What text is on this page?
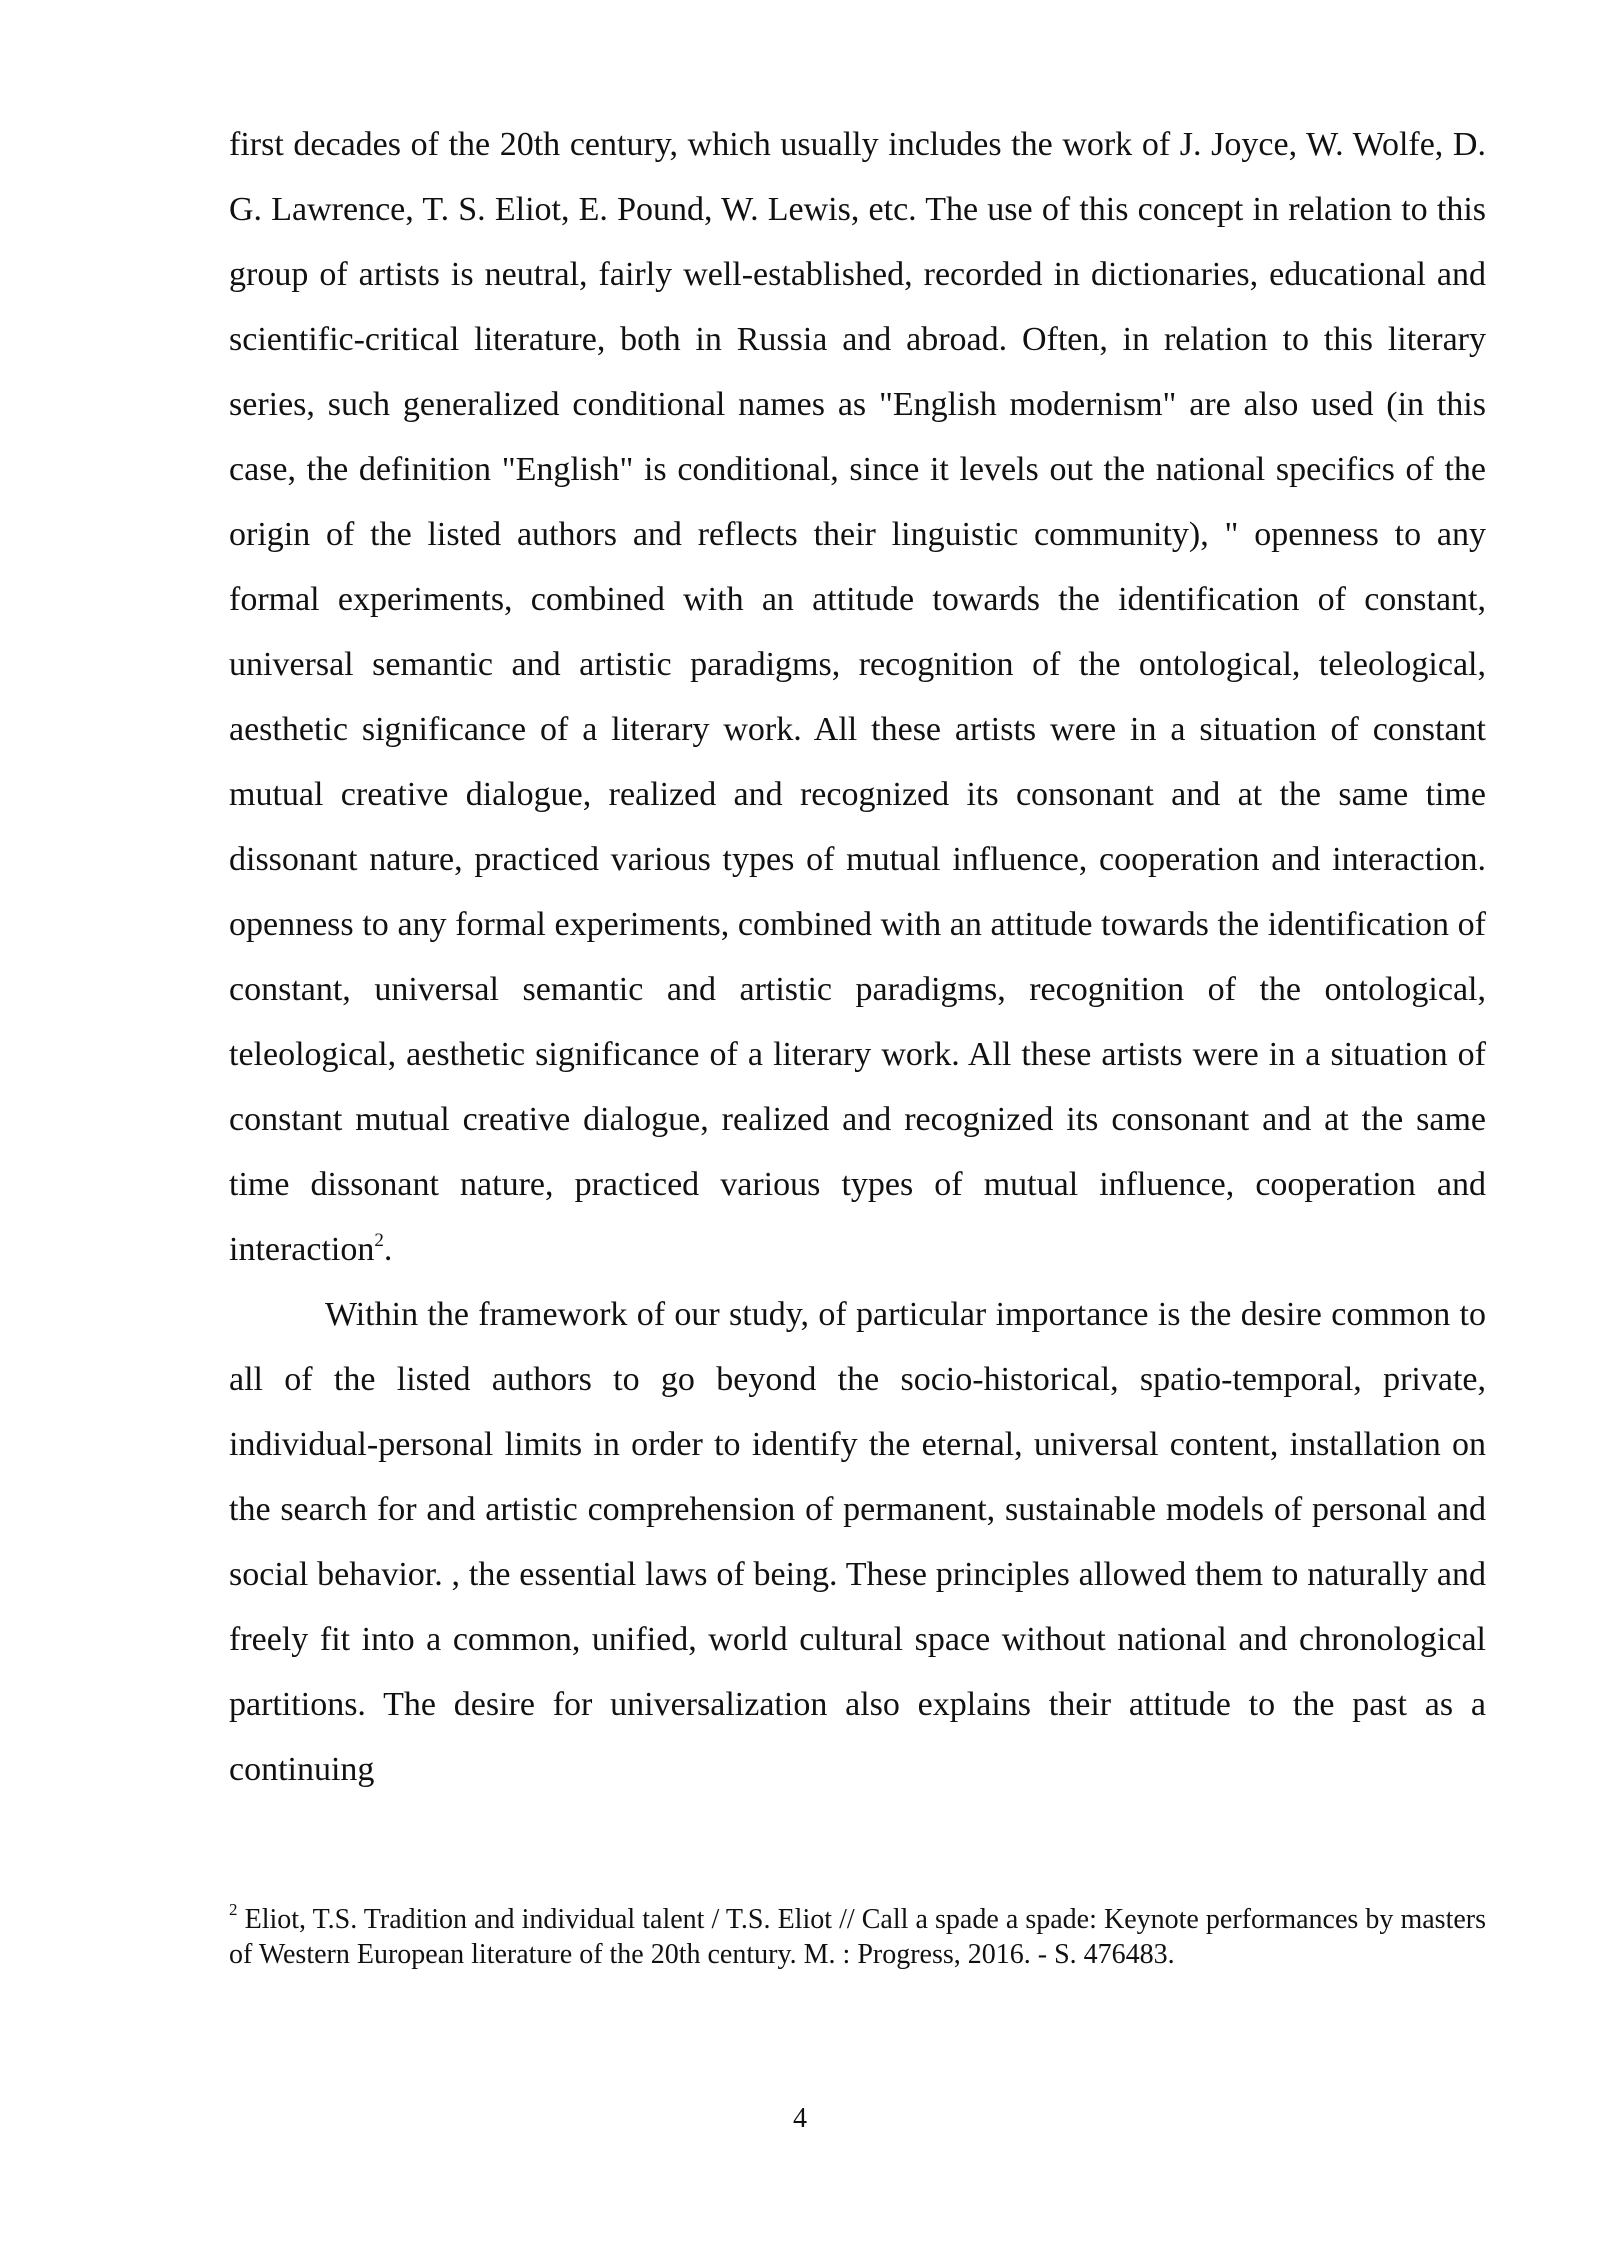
first decades of the 20th century, which usually includes the work of J. Joyce, W. Wolfe, D. G. Lawrence, T. S. Eliot, E. Pound, W. Lewis, etc. The use of this concept in relation to this group of artists is neutral, fairly well-established, recorded in dictionaries, educational and scientific-critical literature, both in Russia and abroad. Often, in relation to this literary series, such generalized conditional names as "English modernism" are also used (in this case, the definition "English" is conditional, since it levels out the national specifics of the origin of the listed authors and reflects their linguistic community), " openness to any formal experiments, combined with an attitude towards the identification of constant, universal semantic and artistic paradigms, recognition of the ontological, teleological, aesthetic significance of a literary work. All these artists were in a situation of constant mutual creative dialogue, realized and recognized its consonant and at the same time dissonant nature, practiced various types of mutual influence, cooperation and interaction. openness to any formal experiments, combined with an attitude towards the identification of constant, universal semantic and artistic paradigms, recognition of the ontological, teleological, aesthetic significance of a literary work. All these artists were in a situation of constant mutual creative dialogue, realized and recognized its consonant and at the same time dissonant nature, practiced various types of mutual influence, cooperation and interaction$^2$.

Within the framework of our study, of particular importance is the desire common to all of the listed authors to go beyond the socio-historical, spatio-temporal, private, individual-personal limits in order to identify the eternal, universal content, installation on the search for and artistic comprehension of permanent, sustainable models of personal and social behavior. , the essential laws of being. These principles allowed them to naturally and freely fit into a common, unified, world cultural space without national and chronological partitions. The desire for universalization also explains their attitude to the past as a continuing

$^2$ Eliot, T.S. Tradition and individual talent / T.S. Eliot // Call a spade a spade: Keynote performances by masters of Western European literature of the 20th century. M. : Progress, 2016. - S. 476483.

4
